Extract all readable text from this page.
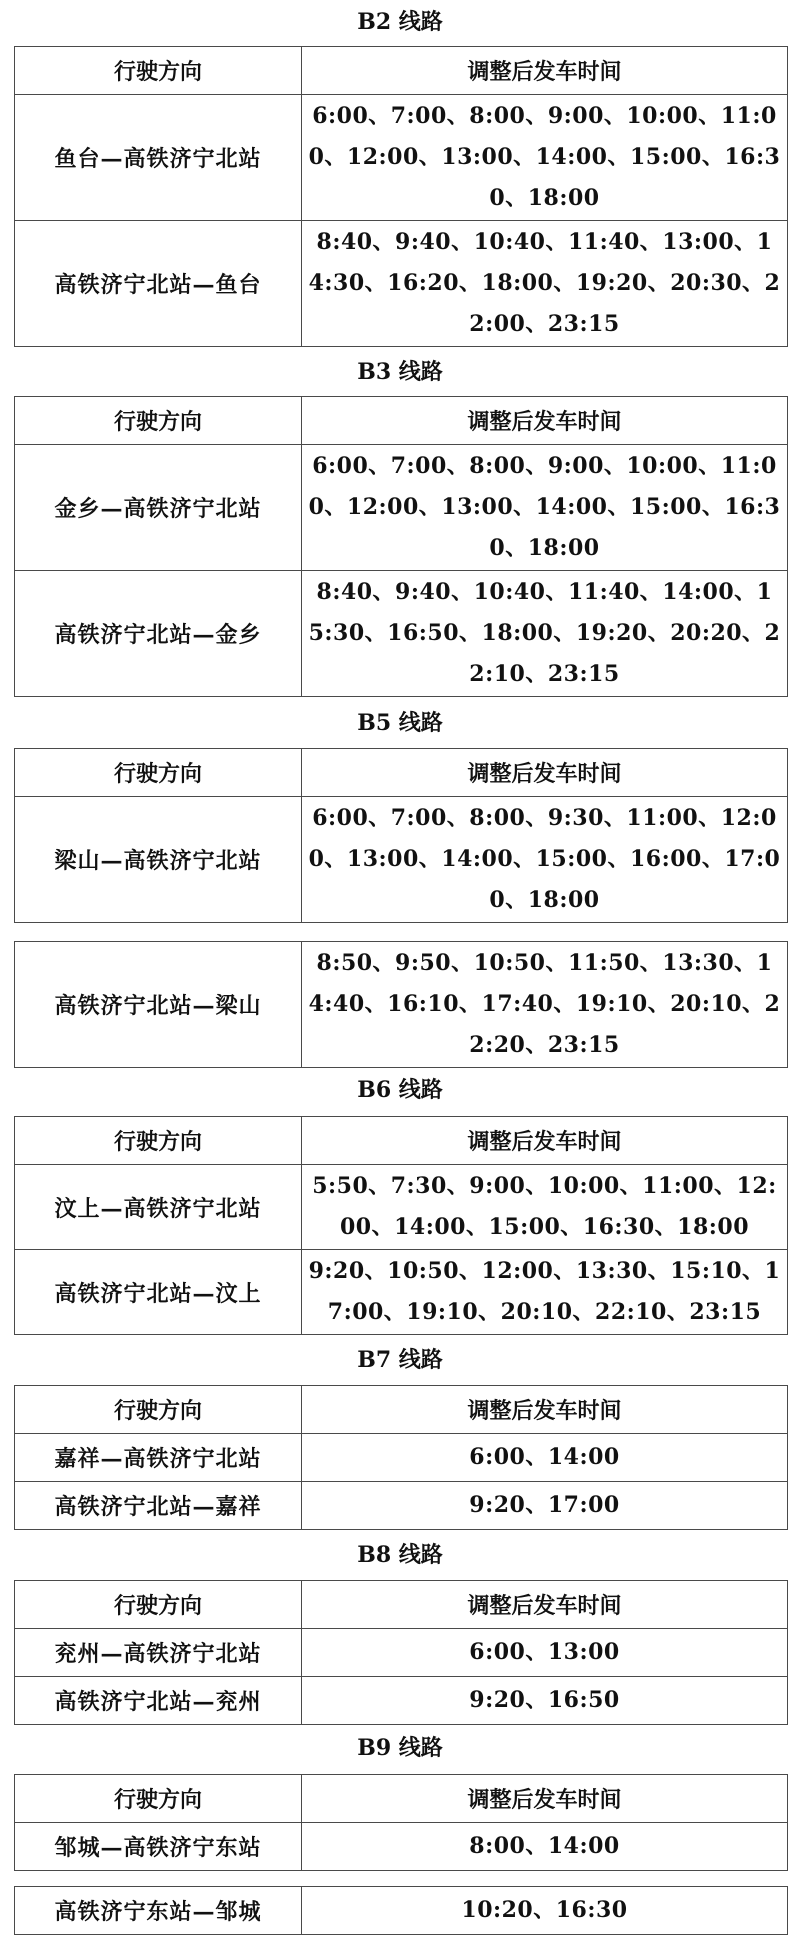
B2 线路
行驶方向	调整后发车时间
鱼台—高铁济宁北站	6:00、7:00、8:00、9:00、10:00、11:00、12:00、13:00、14:00、15:00、16:30、18:00
高铁济宁北站—鱼台	8:40、9:40、10:40、11:40、13:00、14:30、16:20、18:00、19:20、20:30、22:00、23:15
B3 线路
行驶方向	调整后发车时间
金乡—高铁济宁北站	6:00、7:00、8:00、9:00、10:00、11:00、12:00、13:00、14:00、15:00、16:30、18:00
高铁济宁北站—金乡	8:40、9:40、10:40、11:40、14:00、15:30、16:50、18:00、19:20、20:20、22:10、23:15
B5 线路
行驶方向	调整后发车时间
梁山—高铁济宁北站	6:00、7:00、8:00、9:30、11:00、12:00、13:00、14:00、15:00、16:00、17:00、18:00
高铁济宁北站—梁山	8:50、9:50、10:50、11:50、13:30、14:40、16:10、17:40、19:10、20:10、22:20、23:15
B6 线路
行驶方向	调整后发车时间
汶上—高铁济宁北站	5:50、7:30、9:00、10:00、11:00、12:00、14:00、15:00、16:30、18:00
高铁济宁北站—汶上	9:20、10:50、12:00、13:30、15:10、17:00、19:10、20:10、22:10、23:15
B7 线路
行驶方向	调整后发车时间
嘉祥—高铁济宁北站	6:00、14:00
高铁济宁北站—嘉祥	9:20、17:00
B8 线路
行驶方向	调整后发车时间
兖州—高铁济宁北站	6:00、13:00
高铁济宁北站—兖州	9:20、16:50
B9 线路
行驶方向	调整后发车时间
邹城—高铁济宁东站	8:00、14:00
高铁济宁东站—邹城	10:20、16:30
